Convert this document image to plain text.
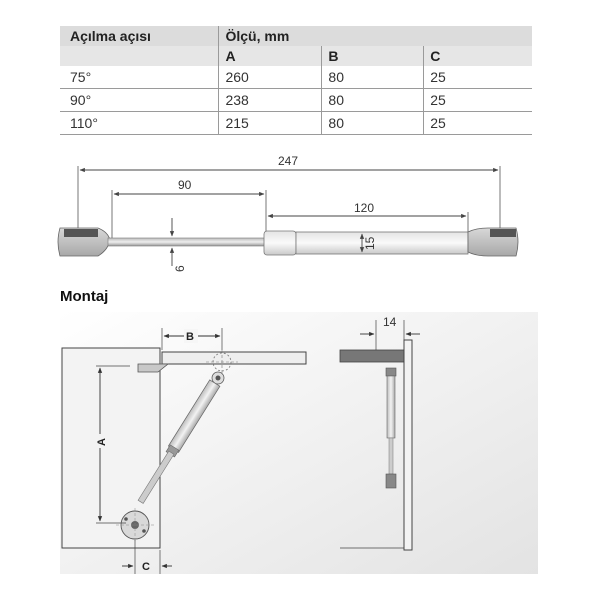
Açılma açısı	Ölçü, mm		
	A	B	C
75°	260	80	25
90°	238	80	25
110°	215	80	25
247
90
120
15
6
Montaj
A
B
C
14
